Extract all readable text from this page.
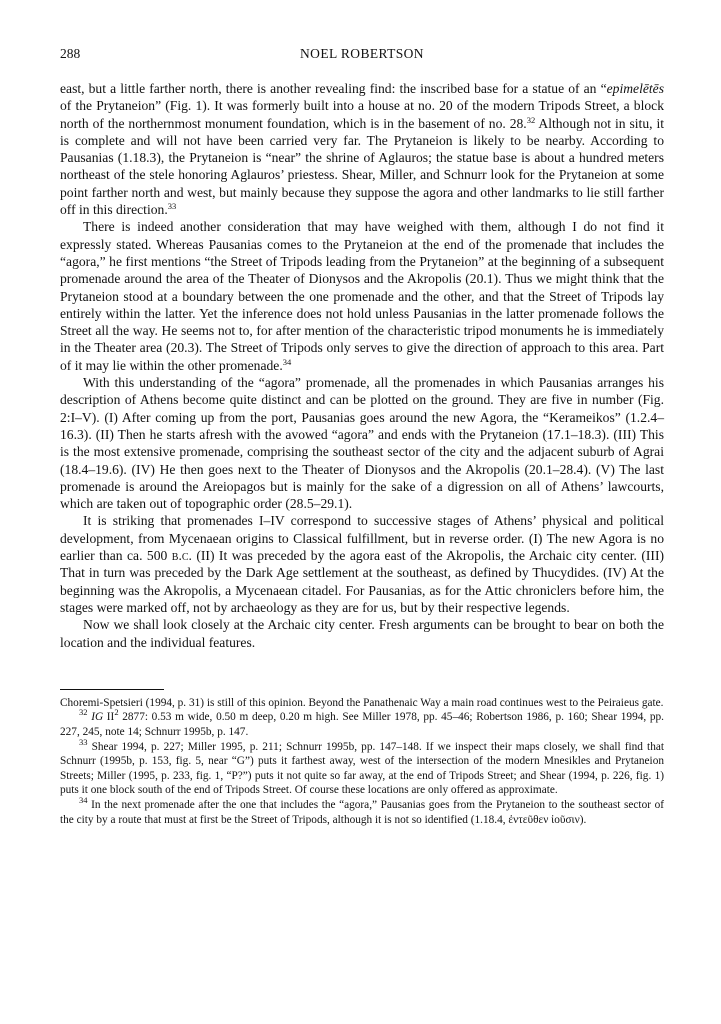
288	NOEL ROBERTSON

east, but a little farther north, there is another revealing find: the inscribed base for a statue of an “epimelētēs of the Prytaneion” (Fig. 1). It was formerly built into a house at no. 20 of the modern Tripods Street, a block north of the northernmost monument foundation, which is in the basement of no. 28.32 Although not in situ, it is complete and will not have been carried very far. The Prytaneion is likely to be nearby. According to Pausanias (1.18.3), the Prytaneion is “near” the shrine of Aglauros; the statue base is about a hundred meters northeast of the stele honoring Aglauros’ priestess. Shear, Miller, and Schnurr look for the Prytaneion at some point farther north and west, but mainly because they suppose the agora and other landmarks to lie still farther off in this direction.$^{33}$

There is indeed another consideration that may have weighed with them, although I do not find it expressly stated. Whereas Pausanias comes to the Prytaneion at the end of the promenade that includes the “agora,” he first mentions “the Street of Tripods leading from the Prytaneion” at the beginning of a subsequent promenade around the area of the Theater of Dionysos and the Akropolis (20.1). Thus we might think that the Prytaneion stood at a boundary between the one promenade and the other, and that the Street of Tripods lay entirely within the latter. Yet the inference does not hold unless Pausanias in the latter promenade follows the Street all the way. He seems not to, for after mention of the characteristic tripod monuments he is immediately in the Theater area (20.3). The Street of Tripods only serves to give the direction of approach to this area. Part of it may lie within the other promenade.$^{34}$

With this understanding of the “agora” promenade, all the promenades in which Pausanias arranges his description of Athens become quite distinct and can be plotted on the ground. They are five in number (Fig. 2:I–V). (I) After coming up from the port, Pausanias goes around the new Agora, the “Kerameikos” (1.2.4–16.3). (II) Then he starts afresh with the avowed “agora” and ends with the Prytaneion (17.1–18.3). (III) This is the most extensive promenade, comprising the southeast sector of the city and the adjacent suburb of Agrai (18.4–19.6). (IV) He then goes next to the Theater of Dionysos and the Akropolis (20.1–28.4). (V) The last promenade is around the Areiopagos but is mainly for the sake of a digression on all of Athens’ lawcourts, which are taken out of topographic order (28.5–29.1).

It is striking that promenades I–IV correspond to successive stages of Athens’ physical and political development, from Mycenaean origins to Classical fulfillment, but in reverse order. (I) The new Agora is no earlier than ca. 500 b.c. (II) It was preceded by the agora east of the Akropolis, the Archaic city center. (III) That in turn was preceded by the Dark Age settlement at the southeast, as defined by Thucydides. (IV) At the beginning was the Akropolis, a Mycenaean citadel. For Pausanias, as for the Attic chroniclers before him, the stages were marked off, not by archaeology as they are for us, but by their respective legends.

Now we shall look closely at the Archaic city center. Fresh arguments can be brought to bear on both the location and the individual features.

Choremi-Spetsieri (1994, p. 31) is still of this opinion. Beyond the Panathenaic Way a main road continues west to the Peiraieus gate.

$^{32}$ IG $II^2$ 2877: 0.53 m wide, 0.50 m deep, 0.20 m high. See Miller 1978, pp. 45–46; Robertson 1986, p. 160; Shear 1994, pp. 227, 245, note 14; Schnurr 1995b, p. 147.

$^{33}$ Shear 1994, p. 227; Miller 1995, p. 211; Schnurr 1995b, pp. 147–148. If we inspect their maps closely, we shall find that Schnurr (1995b, p. 153, fig. 5, near “G”) puts it farthest away, west of the intersection of the modern Mnesikles and Prytaneion Streets; Miller (1995, p. 233, fig. 1, “P?”) puts it not quite so far away, at the end of Tripods Street; and Shear (1994, p. 226, fig. 1) puts it one block south of the end of Tripods Street. Of course these locations are only offered as approximate.

$^{34}$ In the next promenade after the one that includes the “agora,” Pausanias goes from the Prytaneion to the southeast sector of the city by a route that must at first be the Street of Tripods, although it is not so identified (1.18.4, ἐντεῦθεν ἰοῦσιν).
